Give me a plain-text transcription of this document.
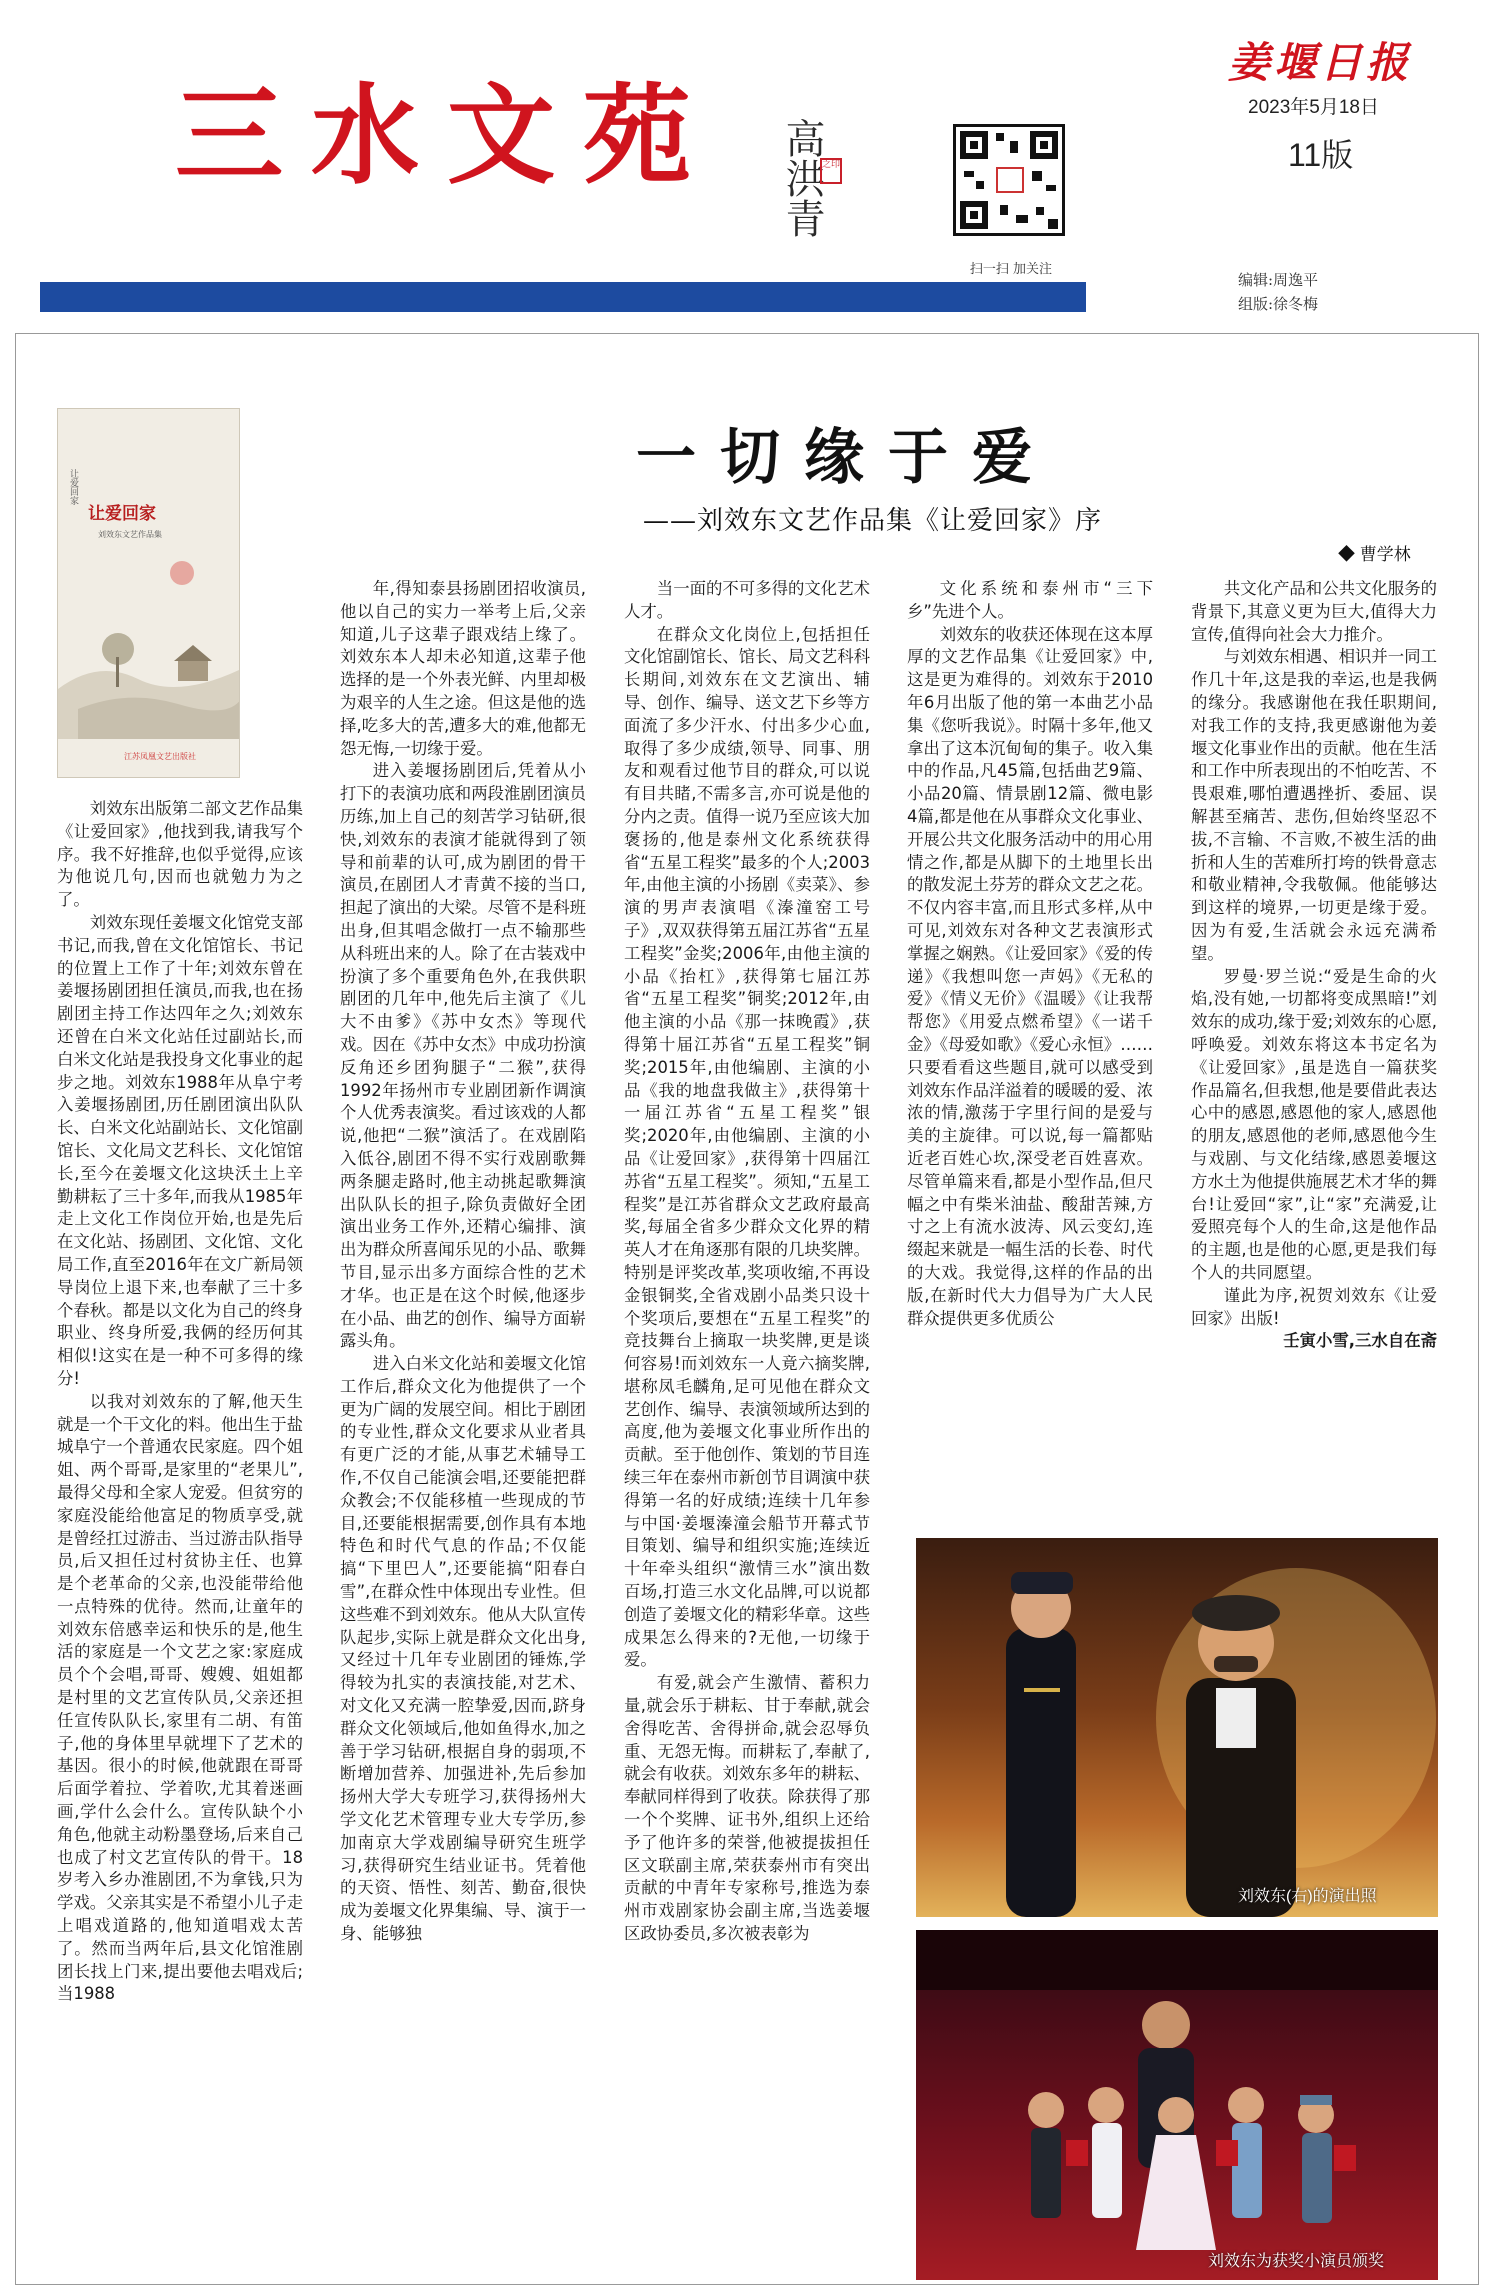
三水文苑 高洪青
之印
扫一扫 加关注
姜堰日报
2023年5月18日
11版
编辑:周逸平
组版:徐冬梅
让爱回家
让爱回家
刘效东文艺作品集
江苏凤凰文艺出版社
一切缘于爱
——刘效东文艺作品集《让爱回家》序
◆ 曹学林

刘效东出版第二部文艺作品集《让爱回家》,他找到我,请我写个序。我不好推辞,也似乎觉得,应该为他说几句,因而也就勉力为之了。

刘效东现任姜堰文化馆党支部书记,而我,曾在文化馆馆长、书记的位置上工作了十年;刘效东曾在姜堰扬剧团担任演员,而我,也在扬剧团主持工作达四年之久;刘效东还曾在白米文化站任过副站长,而白米文化站是我投身文化事业的起步之地。刘效东1988年从阜宁考入姜堰扬剧团,历任剧团演出队队长、白米文化站副站长、文化馆副馆长、文化局文艺科长、文化馆馆长,至今在姜堰文化这块沃土上辛勤耕耘了三十多年,而我从1985年走上文化工作岗位开始,也是先后在文化站、扬剧团、文化馆、文化局工作,直至2016年在文广新局领导岗位上退下来,也奉献了三十多个春秋。都是以文化为自己的终身职业、终身所爱,我俩的经历何其相似!这实在是一种不可多得的缘分!

以我对刘效东的了解,他天生就是一个干文化的料。他出生于盐城阜宁一个普通农民家庭。四个姐姐、两个哥哥,是家里的“老果儿”,最得父母和全家人宠爱。但贫穷的家庭没能给他富足的物质享受,就是曾经扛过游击、当过游击队指导员,后又担任过村贫协主任、也算是个老革命的父亲,也没能带给他一点特殊的优待。然而,让童年的刘效东倍感幸运和快乐的是,他生活的家庭是一个文艺之家:家庭成员个个会唱,哥哥、嫂嫂、姐姐都是村里的文艺宣传队员,父亲还担任宣传队队长,家里有二胡、有笛子,他的身体里早就埋下了艺术的基因。很小的时候,他就跟在哥哥后面学着拉、学着吹,尤其着迷画画,学什么会什么。宣传队缺个小角色,他就主动粉墨登场,后来自己也成了村文艺宣传队的骨干。18岁考入乡办淮剧团,不为拿钱,只为学戏。父亲其实是不希望小儿子走上唱戏道路的,他知道唱戏太苦了。然而当两年后,县文化馆淮剧团长找上门来,提出要他去唱戏后;当1988

年,得知泰县扬剧团招收演员,他以自己的实力一举考上后,父亲知道,儿子这辈子跟戏结上缘了。刘效东本人却未必知道,这辈子他选择的是一个外表光鲜、内里却极为艰辛的人生之途。但这是他的选择,吃多大的苦,遭多大的难,他都无怨无悔,一切缘于爱。

进入姜堰扬剧团后,凭着从小打下的表演功底和两段淮剧团演员历练,加上自己的刻苦学习钻研,很快,刘效东的表演才能就得到了领导和前辈的认可,成为剧团的骨干演员,在剧团人才青黄不接的当口,担起了演出的大梁。尽管不是科班出身,但其唱念做打一点不输那些从科班出来的人。除了在古装戏中扮演了多个重要角色外,在我供职剧团的几年中,他先后主演了《儿大不由爹》《苏中女杰》等现代戏。因在《苏中女杰》中成功扮演反角还乡团狗腿子“二猴”,获得1992年扬州市专业剧团新作调演个人优秀表演奖。看过该戏的人都说,他把“二猴”演活了。在戏剧陷入低谷,剧团不得不实行戏剧歌舞两条腿走路时,他主动挑起歌舞演出队队长的担子,除负责做好全团演出业务工作外,还精心编排、演出为群众所喜闻乐见的小品、歌舞节目,显示出多方面综合性的艺术才华。也正是在这个时候,他逐步在小品、曲艺的创作、编导方面崭露头角。

进入白米文化站和姜堰文化馆工作后,群众文化为他提供了一个更为广阔的发展空间。相比于剧团的专业性,群众文化要求从业者具有更广泛的才能,从事艺术辅导工作,不仅自己能演会唱,还要能把群众教会;不仅能移植一些现成的节目,还要能根据需要,创作具有本地特色和时代气息的作品;不仅能搞“下里巴人”,还要能搞“阳春白雪”,在群众性中体现出专业性。但这些难不到刘效东。他从大队宣传队起步,实际上就是群众文化出身,又经过十几年专业剧团的锤炼,学得较为扎实的表演技能,对艺术、对文化又充满一腔挚爱,因而,跻身群众文化领域后,他如鱼得水,加之善于学习钻研,根据自身的弱项,不断增加营养、加强进补,先后参加扬州大学大专班学习,获得扬州大学文化艺术管理专业大专学历,参加南京大学戏剧编导研究生班学习,获得研究生结业证书。凭着他的天资、悟性、刻苦、勤奋,很快成为姜堰文化界集编、导、演于一身、能够独

当一面的不可多得的文化艺术人才。

在群众文化岗位上,包括担任文化馆副馆长、馆长、局文艺科科长期间,刘效东在文艺演出、辅导、创作、编导、送文艺下乡等方面流了多少汗水、付出多少心血,取得了多少成绩,领导、同事、朋友和观看过他节目的群众,可以说有目共睹,不需多言,亦可说是他的分内之责。值得一说乃至应该大加褒扬的,他是泰州文化系统获得省“五星工程奖”最多的个人;2003年,由他主演的小扬剧《卖菜》、参演的男声表演唱《溱潼窑工号子》,双双获得第五届江苏省“五星工程奖”金奖;2006年,由他主演的小品《抬杠》,获得第七届江苏省“五星工程奖”铜奖;2012年,由他主演的小品《那一抹晚霞》,获得第十届江苏省“五星工程奖”铜奖;2015年,由他编剧、主演的小品《我的地盘我做主》,获得第十一届江苏省“五星工程奖”银奖;2020年,由他编剧、主演的小品《让爱回家》,获得第十四届江苏省“五星工程奖”。须知,“五星工程奖”是江苏省群众文艺政府最高奖,每届全省多少群众文化界的精英人才在角逐那有限的几块奖牌。特别是评奖改革,奖项收缩,不再设金银铜奖,全省戏剧小品类只设十个奖项后,要想在“五星工程奖”的竞技舞台上摘取一块奖牌,更是谈何容易!而刘效东一人竟六摘奖牌,堪称凤毛麟角,足可见他在群众文艺创作、编导、表演领域所达到的高度,他为姜堰文化事业所作出的贡献。至于他创作、策划的节目连续三年在泰州市新创节目调演中获得第一名的好成绩;连续十几年参与中国·姜堰溱潼会船节开幕式节目策划、编导和组织实施;连续近十年牵头组织“激情三水”演出数百场,打造三水文化品牌,可以说都创造了姜堰文化的精彩华章。这些成果怎么得来的?无他,一切缘于爱。

有爱,就会产生激情、蓄积力量,就会乐于耕耘、甘于奉献,就会舍得吃苦、舍得拼命,就会忍辱负重、无怨无悔。而耕耘了,奉献了,就会有收获。刘效东多年的耕耘、奉献同样得到了收获。除获得了那一个个奖牌、证书外,组织上还给予了他许多的荣誉,他被提拔担任区文联副主席,荣获泰州市有突出贡献的中青年专家称号,推选为泰州市戏剧家协会副主席,当选姜堰区政协委员,多次被表彰为

文化系统和泰州市“三下乡”先进个人。

刘效东的收获还体现在这本厚厚的文艺作品集《让爱回家》中,这是更为难得的。刘效东于2010年6月出版了他的第一本曲艺小品集《您听我说》。时隔十多年,他又拿出了这本沉甸甸的集子。收入集中的作品,凡45篇,包括曲艺9篇、小品20篇、情景剧12篇、微电影4篇,都是他在从事群众文化事业、开展公共文化服务活动中的用心用情之作,都是从脚下的土地里长出的散发泥土芬芳的群众文艺之花。不仅内容丰富,而且形式多样,从中可见,刘效东对各种文艺表演形式掌握之娴熟。《让爱回家》《爱的传递》《我想叫您一声妈》《无私的爱》《情义无价》《温暖》《让我帮帮您》《用爱点燃希望》《一诺千金》《母爱如歌》《爱心永恒》……只要看看这些题目,就可以感受到刘效东作品洋溢着的暖暖的爱、浓浓的情,激荡于字里行间的是爱与美的主旋律。可以说,每一篇都贴近老百姓心坎,深受老百姓喜欢。尽管单篇来看,都是小型作品,但尺幅之中有柴米油盐、酸甜苦辣,方寸之上有流水波涛、风云变幻,连缀起来就是一幅生活的长卷、时代的大戏。我觉得,这样的作品的出版,在新时代大力倡导为广大人民群众提供更多优质公

共文化产品和公共文化服务的背景下,其意义更为巨大,值得大力宣传,值得向社会大力推介。

与刘效东相遇、相识并一同工作几十年,这是我的幸运,也是我俩的缘分。我感谢他在我任职期间,对我工作的支持,我更感谢他为姜堰文化事业作出的贡献。他在生活和工作中所表现出的不怕吃苦、不畏艰难,哪怕遭遇挫折、委屈、误解甚至痛苦、悲伤,但始终坚忍不拔,不言输、不言败,不被生活的曲折和人生的苦难所打垮的铁骨意志和敬业精神,令我敬佩。他能够达到这样的境界,一切更是缘于爱。因为有爱,生活就会永远充满希望。

罗曼·罗兰说:“爱是生命的火焰,没有她,一切都将变成黑暗!”刘效东的成功,缘于爱;刘效东的心愿,呼唤爱。刘效东将这本书定名为《让爱回家》,虽是选自一篇获奖作品篇名,但我想,他是要借此表达心中的感恩,感恩他的家人,感恩他的朋友,感恩他的老师,感恩他今生与戏剧、与文化结缘,感恩姜堰这方水土为他提供施展艺术才华的舞台!让爱回“家”,让“家”充满爱,让爱照亮每个人的生命,这是他作品的主题,也是他的心愿,更是我们每个人的共同愿望。

谨此为序,祝贺刘效东《让爱回家》出版!

壬寅小雪,三水自在斋

刘效东(右)的演出照
刘效东为获奖小演员颁奖
